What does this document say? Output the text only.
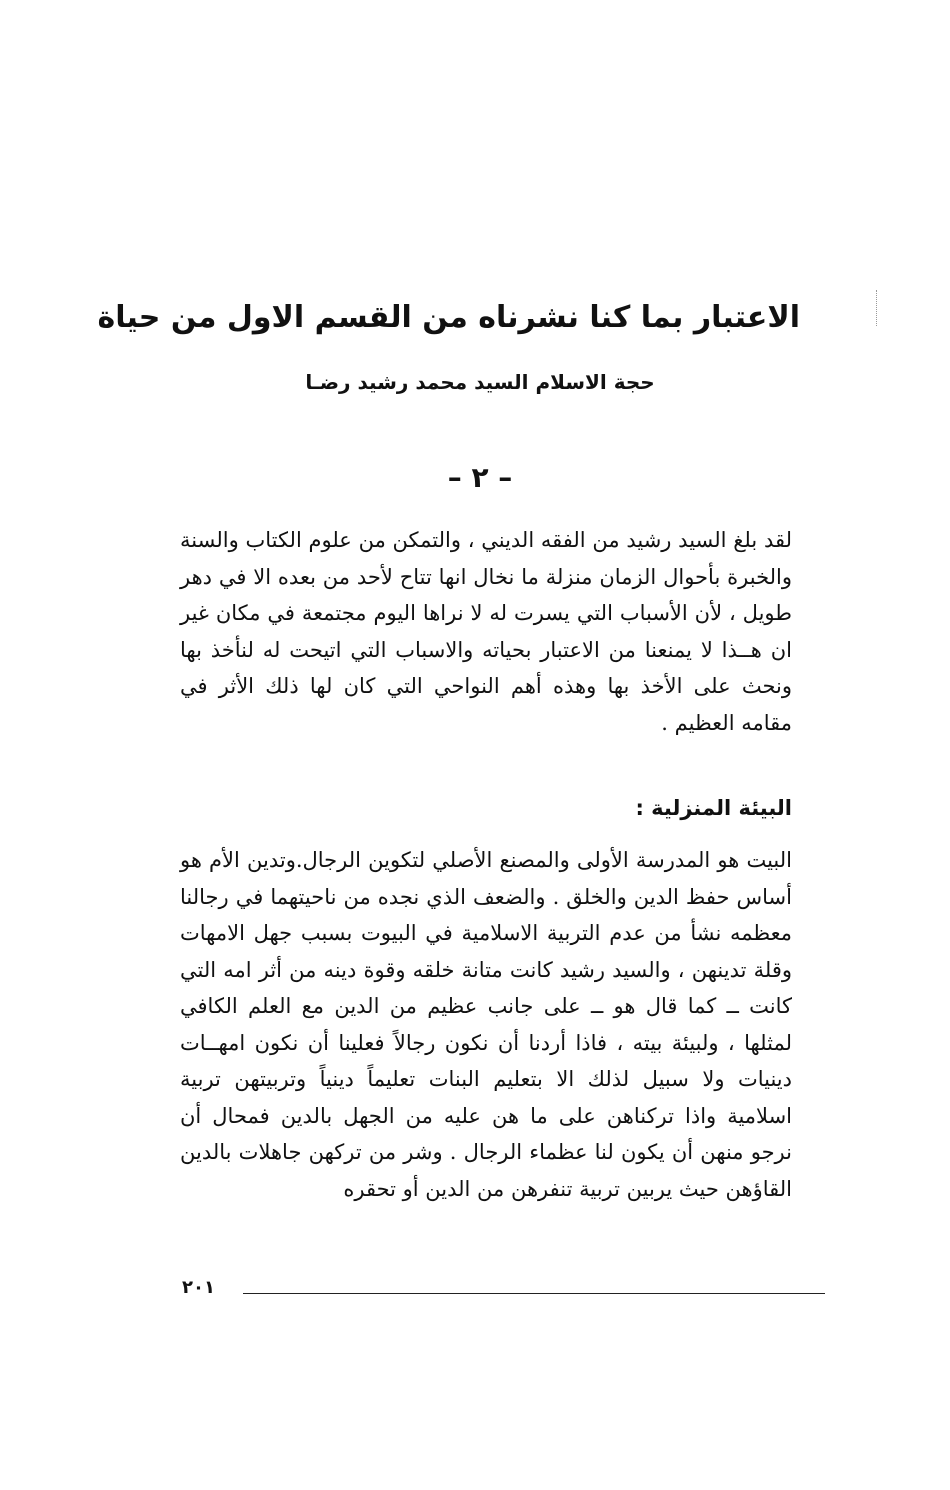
الاعتبار بما كنا نشرناه من القسم الاول من حياة
حجة الاسلام السيد محمد رشيد رضـا
– ٢ –

لقد بلغ السيد رشيد من الفقه الديني ، والتمكن من علوم الكتاب والسنة والخبرة بأحوال الزمان منزلة ما نخال انها تتاح لأحد من بعده الا في دهر طويل ، لأن الأسباب التي يسرت له لا نراها اليوم مجتمعة في مكان غير ان هــذا لا يمنعنا من الاعتبار بحياته والاسباب التي اتيحت له لنأخذ بها ونحث على الأخذ بها وهذه أهم النواحي التي كان لها ذلك الأثر في مقامه العظيم .

البيئة المنزلية :

البيت هو المدرسة الأولى والمصنع الأصلي لتكوين الرجال.وتدين الأم هو أساس حفظ الدين والخلق . والضعف الذي نجده من ناحيتهما في رجالنا معظمه نشأ من عدم التربية الاسلامية في البيوت بسبب جهل الامهات وقلة تدينهن ، والسيد رشيد كانت متانة خلقه وقوة دينه من أثر امه التي كانت ــ كما قال هو ــ على جانب عظيم من الدين مع العلم الكافي لمثلها ، ولبيئة بيته ، فاذا أردنا أن نكون رجالاً فعلينا أن نكون امهــات دينيات ولا سبيل لذلك الا بتعليم البنات تعليماً دينياً وتربيتهن تربية اسلامية واذا تركناهن على ما هن عليه من الجهل بالدين فمحال أن نرجو منهن أن يكون لنا عظماء الرجال . وشر من تركهن جاهلات بالدين القاؤهن حيث يربين تربية تنفرهن من الدين أو تحقره

٢٠١
